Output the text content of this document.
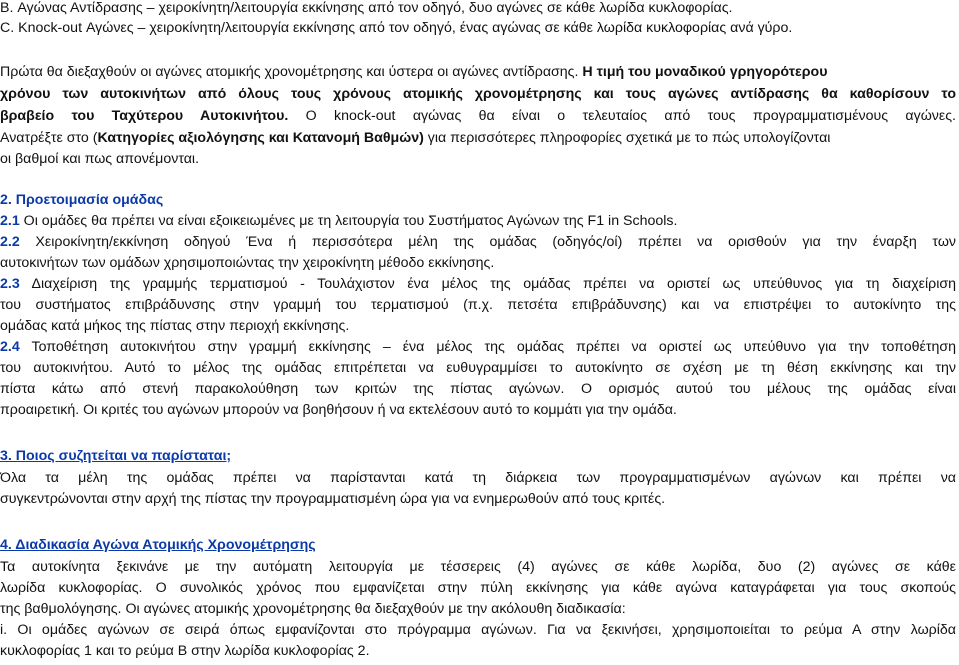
B. Αγώνας Αντίδρασης – χειροκίνητη/λειτουργία εκκίνησης από τον οδηγό, δυο αγώνες σε κάθε λωρίδα κυκλοφορίας.
C. Knock-out Αγώνες – χειροκίνητη/λειτουργία εκκίνησης από τον οδηγό, ένας αγώνας σε κάθε λωρίδα κυκλοφορίας ανά γύρο.
Πρώτα θα διεξαχθούν οι αγώνες ατομικής χρονομέτρησης και ύστερα οι αγώνες αντίδρασης. Η τιμή του μοναδικού γρηγορότερου
χρόνου των αυτοκινήτων από όλους τους χρόνους ατομικής χρονομέτρησης και τους αγώνες αντίδρασης θα καθορίσουν το
βραβείο του Ταχύτερου Αυτοκινήτου. Ο knock-out αγώνας θα είναι ο τελευταίος από τους προγραμματισμένους αγώνες.
Ανατρέξτε στο (Κατηγορίες αξιολόγησης και Κατανομή Βαθμών) για περισσότερες πληροφορίες σχετικά με το πώς υπολογίζονται
οι βαθμοί και πως απονέμονται.
2. Προετοιμασία ομάδας
2.1 Οι ομάδες θα πρέπει να είναι εξοικειωμένες με τη λειτουργία του Συστήματος Αγώνων της F1 in Schools.
2.2 Χειροκίνητη/εκκίνηση οδηγού Ένα ή περισσότερα μέλη της ομάδας (οδηγός/οί) πρέπει να ορισθούν για την έναρξη των
αυτοκινήτων των ομάδων χρησιμοποιώντας την χειροκίνητη μέθοδο εκκίνησης.
2.3 Διαχείριση της γραμμής τερματισμού - Τουλάχιστον ένα μέλος της ομάδας πρέπει να οριστεί ως υπεύθυνος για τη διαχείριση
του συστήματος επιβράδυνσης στην γραμμή του τερματισμού (π.χ. πετσέτα επιβράδυνσης) και να επιστρέψει το αυτοκίνητο της
ομάδας κατά μήκος της πίστας στην περιοχή εκκίνησης.
2.4 Τοποθέτηση αυτοκινήτου στην γραμμή εκκίνησης – ένα μέλος της ομάδας πρέπει να οριστεί ως υπεύθυνο για την τοποθέτηση
του αυτοκινήτου. Αυτό το μέλος της ομάδας επιτρέπεται να ευθυγραμμίσει το αυτοκίνητο σε σχέση με τη θέση εκκίνησης και την
πίστα κάτω από στενή παρακολούθηση των κριτών της πίστας αγώνων. Ο ορισμός αυτού του μέλους της ομάδας είναι
προαιρετική. Οι κριτές του αγώνων μπορούν να βοηθήσουν ή να εκτελέσουν αυτό το κομμάτι για την ομάδα.
3. Ποιος συζητείται να παρίσταται;
Όλα τα μέλη της ομάδας πρέπει να παρίστανται κατά τη διάρκεια των προγραμματισμένων αγώνων και πρέπει να
συγκεντρώνονται στην αρχή της πίστας την προγραμματισμένη ώρα για να ενημερωθούν από τους κριτές.
4. Διαδικασία Αγώνα Ατομικής Χρονομέτρησης
Τα αυτοκίνητα ξεκινάνε με την αυτόματη λειτουργία με τέσσερεις (4) αγώνες σε κάθε λωρίδα, δυο (2) αγώνες σε κάθε
λωρίδα κυκλοφορίας. Ο συνολικός χρόνος που εμφανίζεται στην πύλη εκκίνησης για κάθε αγώνα καταγράφεται για τους σκοπούς
της βαθμολόγησης. Οι αγώνες ατομικής χρονομέτρησης θα διεξαχθούν με την ακόλουθη διαδικασία:
i. Οι ομάδες αγώνων σε σειρά όπως εμφανίζονται στο πρόγραμμα αγώνων. Για να ξεκινήσει, χρησιμοποιείται το ρεύμα Α στην λωρίδα
κυκλοφορίας 1 και το ρεύμα Β στην λωρίδα κυκλοφορίας 2.
